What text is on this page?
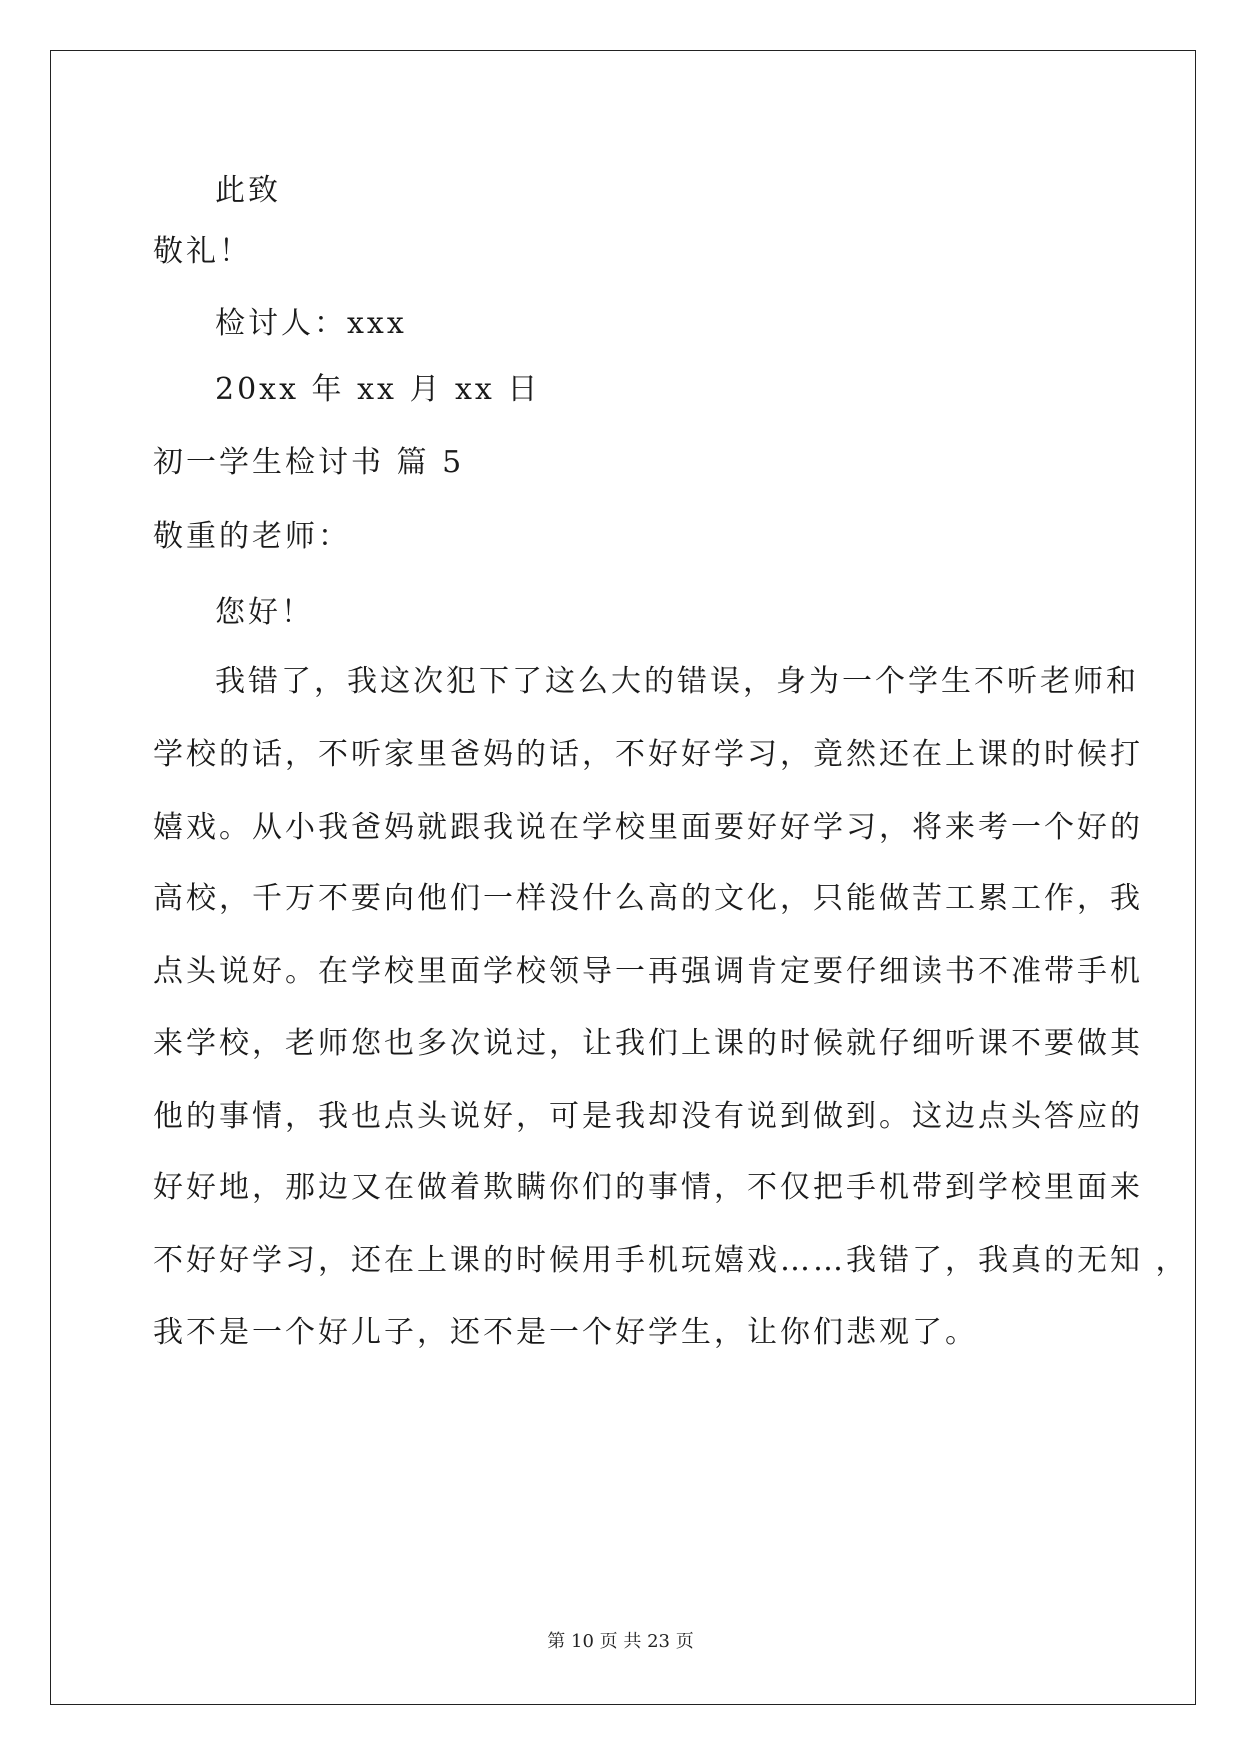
此致
敬礼！
检讨人：xxx
20xx 年 xx 月 xx 日
初一学生检讨书 篇 5
敬重的老师：
您好！
我错了，我这次犯下了这么大的错误，身为一个学生不听老师和
学校的话，不听家里爸妈的话，不好好学习，竟然还在上课的时候打
嬉戏。从小我爸妈就跟我说在学校里面要好好学习，将来考一个好的
高校，千万不要向他们一样没什么高的文化，只能做苦工累工作，我
点头说好。在学校里面学校领导一再强调肯定要仔细读书不准带手机
来学校，老师您也多次说过，让我们上课的时候就仔细听课不要做其
他的事情，我也点头说好，可是我却没有说到做到。这边点头答应的
好好地，那边又在做着欺瞒你们的事情，不仅把手机带到学校里面来
不好好学习，还在上课的时候用手机玩嬉戏……我错了，我真的无知 ，
我不是一个好儿子，还不是一个好学生，让你们悲观了。
第 10 页 共 23 页
